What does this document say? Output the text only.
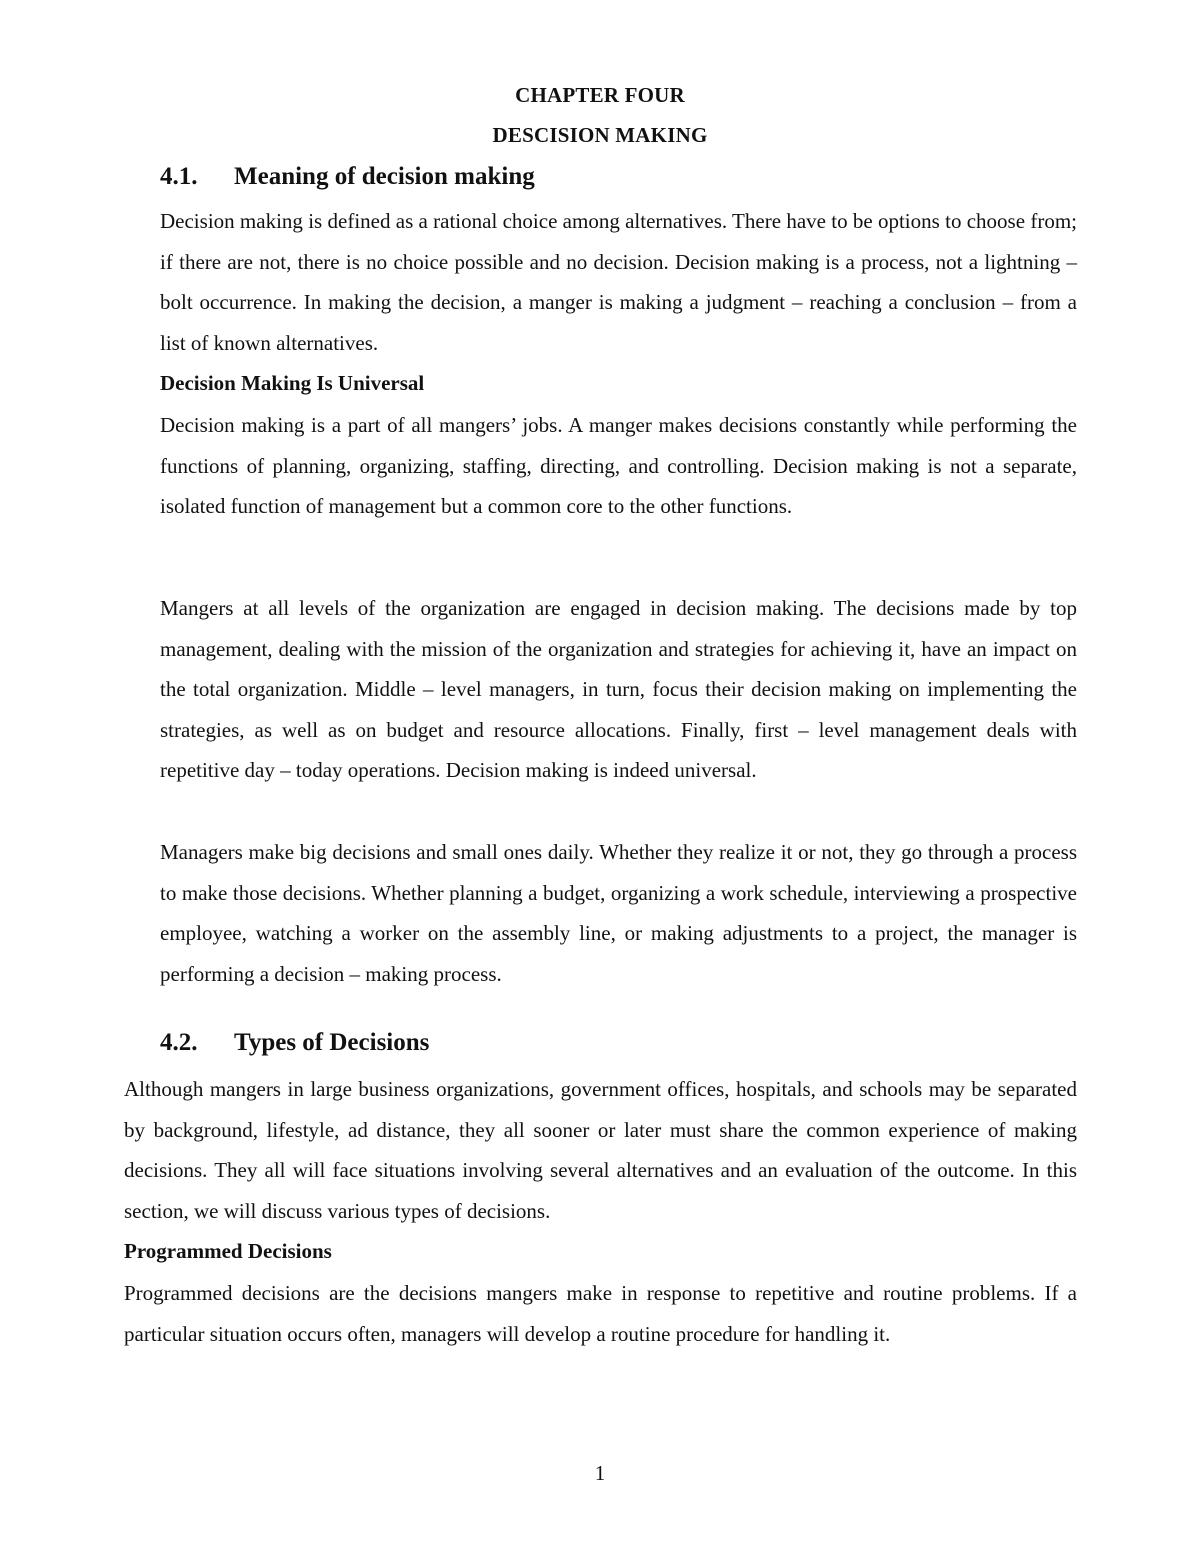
CHAPTER FOUR
DESCISION MAKING
4.1. Meaning of decision making

Decision making is defined as a rational choice among alternatives. There have to be options to choose from; if there are not, there is no choice possible and no decision. Decision making is a process, not a lightning – bolt occurrence. In making the decision, a manger is making a judgment – reaching a conclusion – from a list of known alternatives.

Decision Making Is Universal

Decision making is a part of all mangers’ jobs. A manger makes decisions constantly while performing the functions of planning, organizing, staffing, directing, and controlling. Decision making is not a separate, isolated function of management but a common core to the other functions.

Mangers at all levels of the organization are engaged in decision making. The decisions made by top management, dealing with the mission of the organization and strategies for achieving it, have an impact on the total organization. Middle – level managers, in turn, focus their decision making on implementing the strategies, as well as on budget and resource allocations. Finally, first – level management deals with repetitive day – today operations. Decision making is indeed universal.

Managers make big decisions and small ones daily. Whether they realize it or not, they go through a process to make those decisions. Whether planning a budget, organizing a work schedule, interviewing a prospective employee, watching a worker on the assembly line, or making adjustments to a project, the manager is performing a decision – making process.

4.2. Types of Decisions

Although mangers in large business organizations, government offices, hospitals, and schools may be separated by background, lifestyle, ad distance, they all sooner or later must share the common experience of making decisions. They all will face situations involving several alternatives and an evaluation of the outcome. In this section, we will discuss various types of decisions.

Programmed Decisions

Programmed decisions are the decisions mangers make in response to repetitive and routine problems. If a particular situation occurs often, managers will develop a routine procedure for handling it.

1
